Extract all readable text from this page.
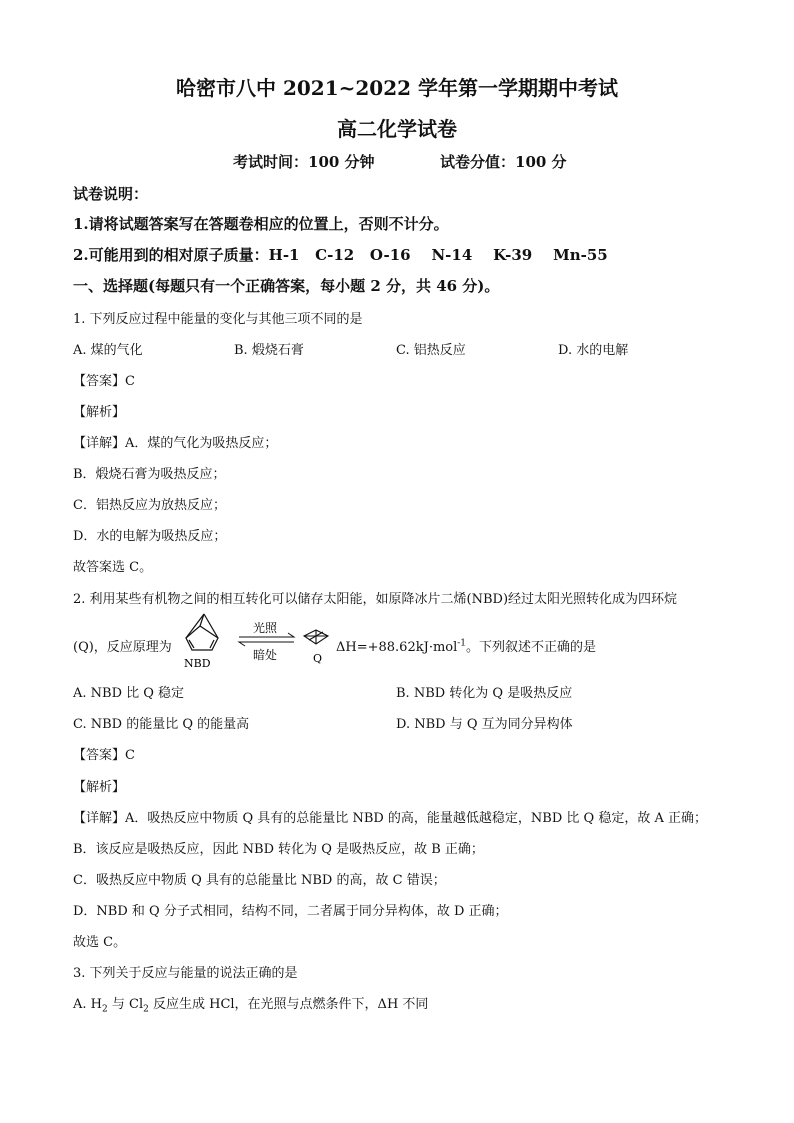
哈密市八中 2021~2022 学年第一学期期中考试
高二化学试卷
考试时间：100 分钟	试卷分值：100 分
试卷说明：
1.请将试题答案写在答题卷相应的位置上，否则不计分。
2.可能用到的相对原子质量：H-1   C-12   O-16    N-14    K-39    Mn-55
一、选择题(每题只有一个正确答案，每小题 2 分，共 46 分)。
1. 下列反应过程中能量的变化与其他三项不同的是
A. 煤的气化	B. 煅烧石膏	C. 铝热反应	D. 水的电解
【答案】C
【解析】
【详解】A．煤的气化为吸热反应；
B．煅烧石膏为吸热反应；
C．铝热反应为放热反应；
D．水的电解为吸热反应；
故答案选 C。
2. 利用某些有机物之间的相互转化可以储存太阳能，如原降冰片二烯(NBD)经过太阳光照转化成为四环烷
(Q)，反应原理为
NBD
光照
暗处	Q
ΔH=+88.62kJ·mol$^{-1}$。下列叙述不正确的是
A. NBD 比 Q 稳定	B. NBD 转化为 Q 是吸热反应
C. NBD 的能量比 Q 的能量高	D. NBD 与 Q 互为同分异构体
【答案】C
【解析】
【详解】A．吸热反应中物质 Q 具有的总能量比 NBD 的高，能量越低越稳定，NBD 比 Q 稳定，故 A 正确；
B．该反应是吸热反应，因此 NBD 转化为 Q 是吸热反应，故 B 正确；
C．吸热反应中物质 Q 具有的总能量比 NBD 的高，故 C 错误；
D．NBD 和 Q 分子式相同，结构不同，二者属于同分异构体，故 D 正确；
故选 C。
3. 下列关于反应与能量的说法正确的是
A. $H_2$ 与 $Cl_2$ 反应生成 HCl，在光照与点燃条件下，ΔH 不同
